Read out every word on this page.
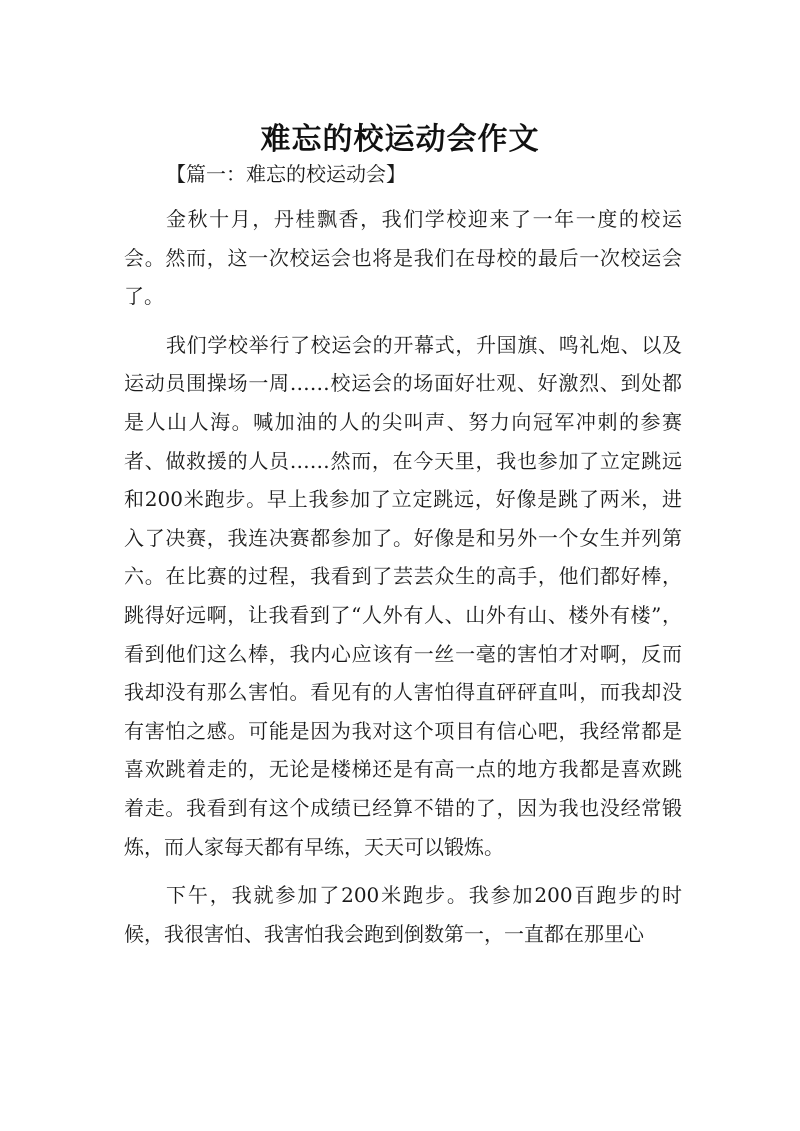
难忘的校运动会作文

【篇一：难忘的校运动会】

金秋十月，丹桂飘香，我们学校迎来了一年一度的校运会。然而，这一次校运会也将是我们在母校的最后一次校运会了。

我们学校举行了校运会的开幕式，升国旗、鸣礼炮、以及运动员围操场一周……校运会的场面好壮观、好激烈、到处都是人山人海。喊加油的人的尖叫声、努力向冠军冲刺的参赛者、做救援的人员……然而，在今天里，我也参加了立定跳远和200米跑步。早上我参加了立定跳远，好像是跳了两米，进入了决赛，我连决赛都参加了。好像是和另外一个女生并列第六。在比赛的过程，我看到了芸芸众生的高手，他们都好棒，跳得好远啊，让我看到了“人外有人、山外有山、楼外有楼”，看到他们这么棒，我内心应该有一丝一毫的害怕才对啊，反而我却没有那么害怕。看见有的人害怕得直砰砰直叫，而我却没有害怕之感。可能是因为我对这个项目有信心吧，我经常都是喜欢跳着走的，无论是楼梯还是有高一点的地方我都是喜欢跳着走。我看到有这个成绩已经算不错的了，因为我也没经常锻炼，而人家每天都有早练，天天可以锻炼。

下午，我就参加了200米跑步。我参加200百跑步的时候，我很害怕、我害怕我会跑到倒数第一，一直都在那里心
